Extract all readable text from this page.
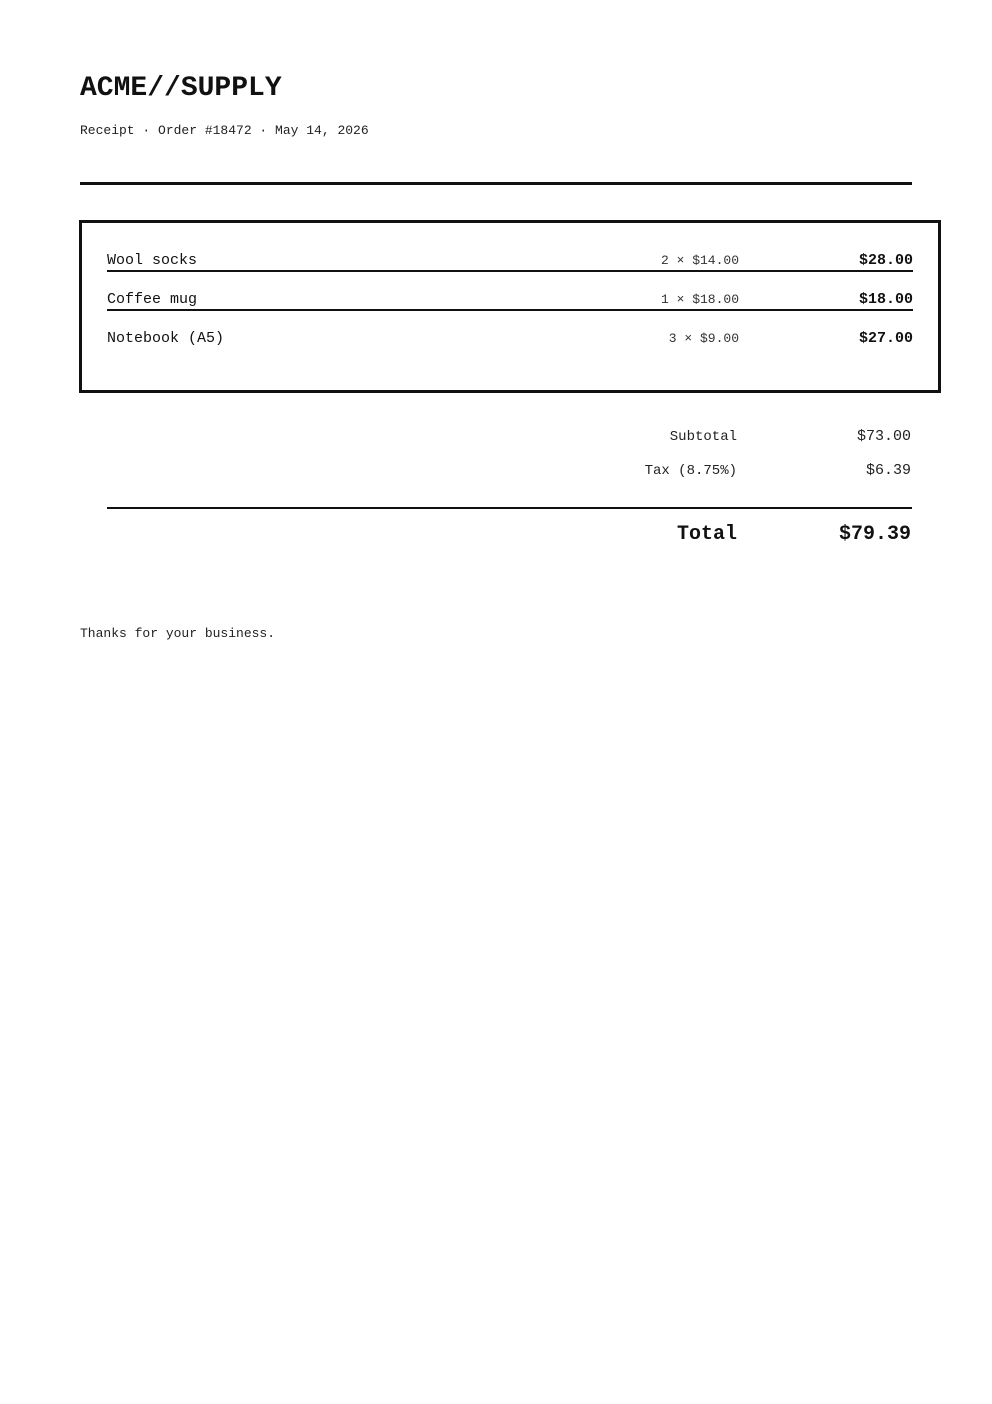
ACME//SUPPLY
Receipt · Order #18472 · May 14, 2026
Wool socks	2 × $14.00	$28.00
Coffee mug	1 × $18.00	$18.00
Notebook (A5)	3 × $9.00	$27.00
Subtotal	$73.00
Tax (8.75%)	$6.39
Total	$79.39
Thanks for your business.
